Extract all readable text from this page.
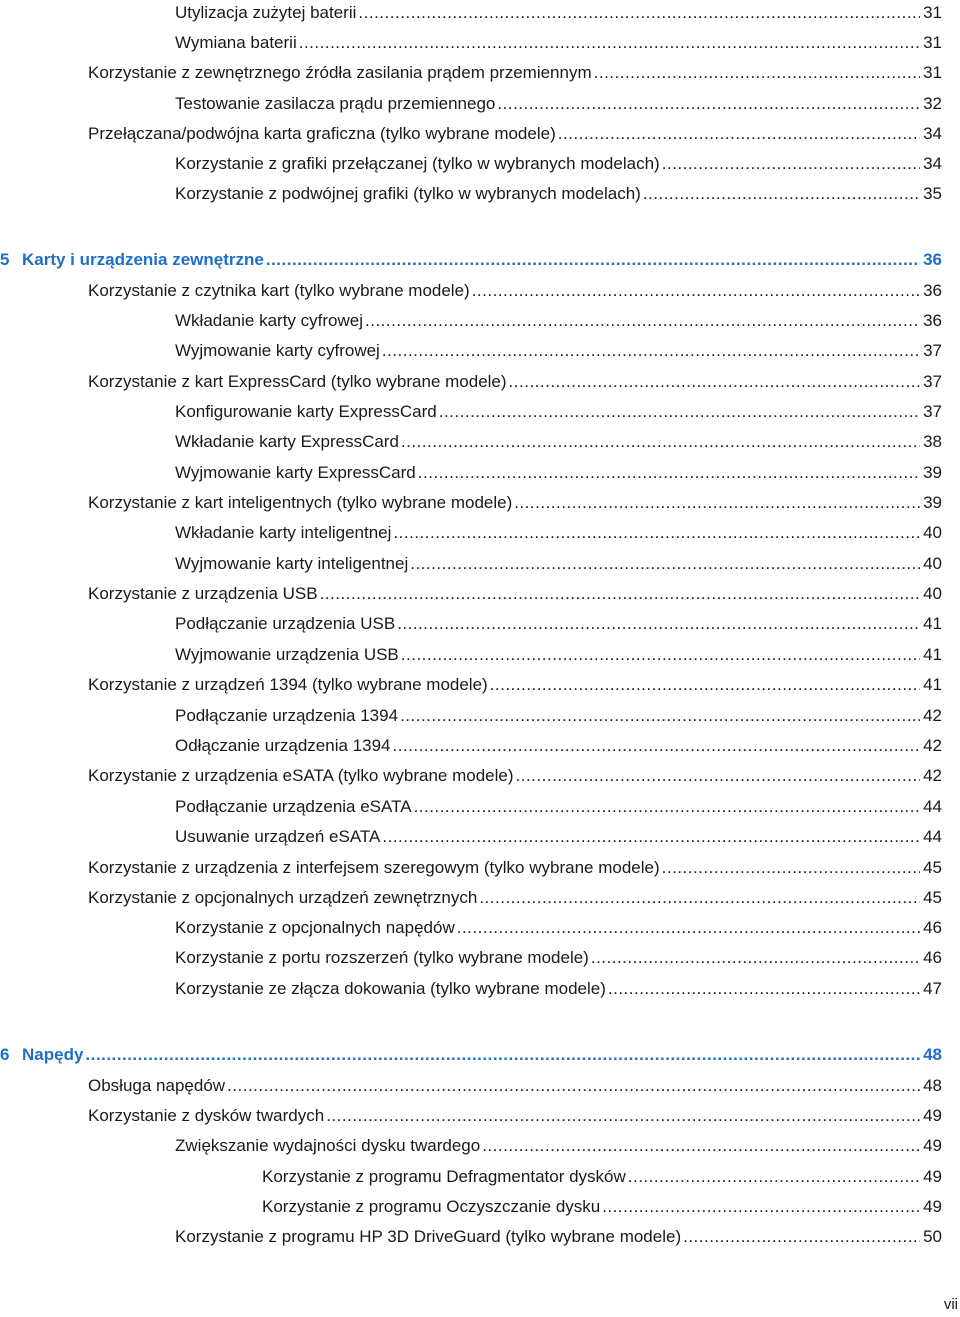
Utylizacja zużytej baterii .....	31
Wymiana baterii .....	31
Korzystanie z zewnętrznego źródła zasilania prądem przemiennym .....	31
Testowanie zasilacza prądu przemiennego .....	32
Przełączana/podwójna karta graficzna (tylko wybrane modele) .....	34
Korzystanie z grafiki przełączanej (tylko w wybranych modelach) .....	34
Korzystanie z podwójnej grafiki (tylko w wybranych modelach) .....	35
5 Karty i urządzenia zewnętrzne .....	36
Korzystanie z czytnika kart (tylko wybrane modele) .....	36
Wkładanie karty cyfrowej .....	36
Wyjmowanie karty cyfrowej .....	37
Korzystanie z kart ExpressCard (tylko wybrane modele) .....	37
Konfigurowanie karty ExpressCard .....	37
Wkładanie karty ExpressCard .....	38
Wyjmowanie karty ExpressCard .....	39
Korzystanie z kart inteligentnych (tylko wybrane modele) .....	39
Wkładanie karty inteligentnej .....	40
Wyjmowanie karty inteligentnej .....	40
Korzystanie z urządzenia USB .....	40
Podłączanie urządzenia USB .....	41
Wyjmowanie urządzenia USB .....	41
Korzystanie z urządzeń 1394 (tylko wybrane modele) .....	41
Podłączanie urządzenia 1394 .....	42
Odłączanie urządzenia 1394 .....	42
Korzystanie z urządzenia eSATA (tylko wybrane modele) .....	42
Podłączanie urządzenia eSATA .....	44
Usuwanie urządzeń eSATA .....	44
Korzystanie z urządzenia z interfejsem szeregowym (tylko wybrane modele) .....	45
Korzystanie z opcjonalnych urządzeń zewnętrznych .....	45
Korzystanie z opcjonalnych napędów .....	46
Korzystanie z portu rozszerzeń (tylko wybrane modele) .....	46
Korzystanie ze złącza dokowania (tylko wybrane modele) .....	47
6 Napędy .....	48
Obsługa napędów .....	48
Korzystanie z dysków twardych .....	49
Zwiększanie wydajności dysku twardego .....	49
Korzystanie z programu Defragmentator dysków .....	49
Korzystanie z programu Oczyszczanie dysku .....	49
Korzystanie z programu HP 3D DriveGuard (tylko wybrane modele) .....	50
vii
